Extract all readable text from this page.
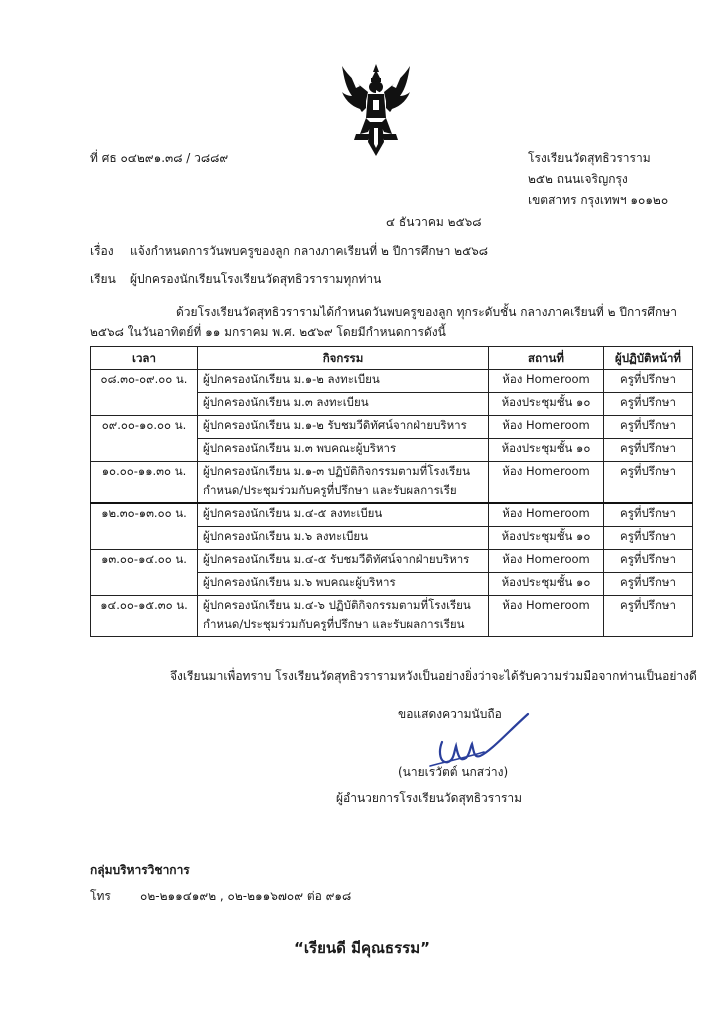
ที่ ศธ ๐๔๒๙๑.๓๘ / ว๘๘๙	โรงเรียนวัดสุทธิวราราม
๒๕๒ ถนนเจริญกรุง
เขตสาทร กรุงเทพฯ ๑๐๑๒๐
๔ ธันวาคม ๒๕๖๘
เรื่อง แจ้งกำหนดการวันพบครูของลูก กลางภาคเรียนที่ ๒ ปีการศึกษา ๒๕๖๘
เรียน ผู้ปกครองนักเรียนโรงเรียนวัดสุทธิวรารามทุกท่าน
ด้วยโรงเรียนวัดสุทธิวรารามได้กำหนดวันพบครูของลูก ทุกระดับชั้น กลางภาคเรียนที่ ๒ ปีการศึกษา
๒๕๖๘ ในวันอาทิตย์ที่ ๑๑ มกราคม พ.ศ. ๒๕๖๙ โดยมีกำหนดการดังนี้
เวลา	กิจกรรม	สถานที่	ผู้ปฏิบัติหน้าที่
๐๘.๓๐-๐๙.๐๐ น.	ผู้ปกครองนักเรียน ม.๑-๒ ลงทะเบียน	ห้อง Homeroom	ครูที่ปรึกษา
	ผู้ปกครองนักเรียน ม.๓ ลงทะเบียน	ห้องประชุมชั้น ๑๐	ครูที่ปรึกษา
๐๙.๐๐-๑๐.๐๐ น.	ผู้ปกครองนักเรียน ม.๑-๒ รับชมวีดิทัศน์จากฝ่ายบริหาร	ห้อง Homeroom	ครูที่ปรึกษา
	ผู้ปกครองนักเรียน ม.๓ พบคณะผู้บริหาร	ห้องประชุมชั้น ๑๐	ครูที่ปรึกษา
๑๐.๐๐-๑๑.๓๐ น.	ผู้ปกครองนักเรียน ม.๑-๓ ปฏิบัติกิจกรรมตามที่โรงเรียน
กำหนด/ประชุมร่วมกับครูที่ปรึกษา และรับผลการเรีย	ห้อง Homeroom	ครูที่ปรึกษา
๑๒.๓๐-๑๓.๐๐ น.	ผู้ปกครองนักเรียน ม.๔-๕ ลงทะเบียน	ห้อง Homeroom	ครูที่ปรึกษา
	ผู้ปกครองนักเรียน ม.๖ ลงทะเบียน	ห้องประชุมชั้น ๑๐	ครูที่ปรึกษา
๑๓.๐๐-๑๔.๐๐ น.	ผู้ปกครองนักเรียน ม.๔-๕ รับชมวีดิทัศน์จากฝ่ายบริหาร	ห้อง Homeroom	ครูที่ปรึกษา
	ผู้ปกครองนักเรียน ม.๖ พบคณะผู้บริหาร	ห้องประชุมชั้น ๑๐	ครูที่ปรึกษา
๑๔.๐๐-๑๕.๓๐ น.	ผู้ปกครองนักเรียน ม.๔-๖ ปฏิบัติกิจกรรมตามที่โรงเรียน
กำหนด/ประชุมร่วมกับครูที่ปรึกษา และรับผลการเรียน	ห้อง Homeroom	ครูที่ปรึกษา
จึงเรียนมาเพื่อทราบ โรงเรียนวัดสุทธิวรารามหวังเป็นอย่างยิ่งว่าจะได้รับความร่วมมือจากท่านเป็นอย่างดี
ขอแสดงความนับถือ
(นายเรวัตต์ นกสว่าง)
ผู้อำนวยการโรงเรียนวัดสุทธิวราราม
กลุ่มบริหารวิชาการ
โทร ๐๒-๒๑๑๔๑๙๒ , ๐๒-๒๑๑๖๗๐๙ ต่อ ๙๑๘
“เรียนดี มีคุณธรรม”
